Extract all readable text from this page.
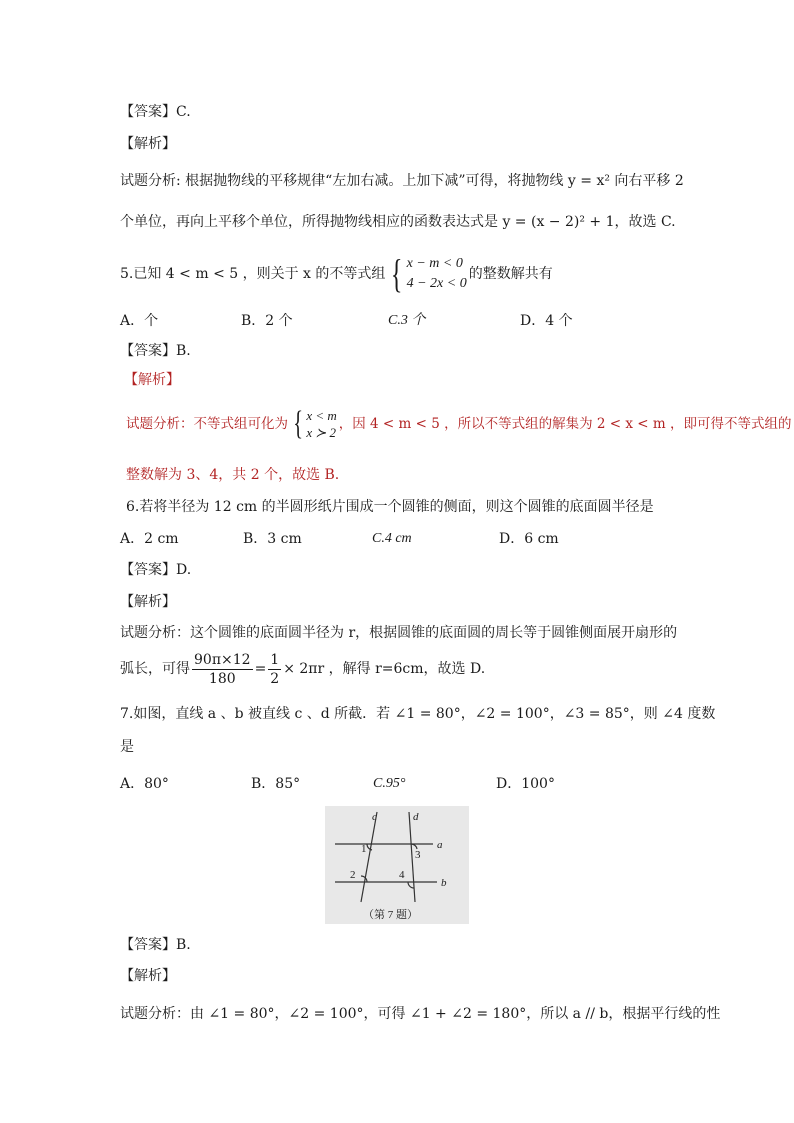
【答案】C.
【解析】
试题分析: 根据抛物线的平移规律“左加右减。上加下减”可得，将抛物线 y = x² 向右平移 2
个单位，再向上平移个单位，所得抛物线相应的函数表达式是 y = (x − 2)² + 1，故选 C.
5.已知 4 < m < 5 ，则关于 x 的不等式组 { x − m < 0
4 − 2x < 0
的整数解共有
A．个	B．2 个	C.3 个	D．4 个
【答案】B.
【解析】
试题分析：不等式组可化为 { x < m
x ≻ 2
，因 4 < m < 5 ，所以不等式组的解集为 2 < x < m ，即可得不等式组的
整数解为 3、4，共 2 个，故选 B.
6.若将半径为 12 cm 的半圆形纸片围成一个圆锥的侧面，则这个圆锥的底面圆半径是
A．2 cm	B．3 cm	C.4 cm	D．6 cm
【答案】D.
【解析】
试题分析：这个圆锥的底面圆半径为 r，根据圆锥的底面圆的周长等于圆锥侧面展开扇形的
弧长，可得 $\frac{90\pi\times 12}{180} = \frac{1}{2} \times 2\pi r$ ，解得 r=6cm，故选 D.
7.如图，直线 a 、b 被直线 c 、d 所截．若 ∠1 = 80°，∠2 = 100°，∠3 = 85°，则 ∠4 度数
是
A．80°	B．85°	C.95°	D．100°
c	d
a
b
1
2
3
4
（第 7 题）
【答案】B.
【解析】
试题分析：由 ∠1 = 80°，∠2 = 100°，可得 ∠1 + ∠2 = 180°，所以 a // b，根据平行线的性
